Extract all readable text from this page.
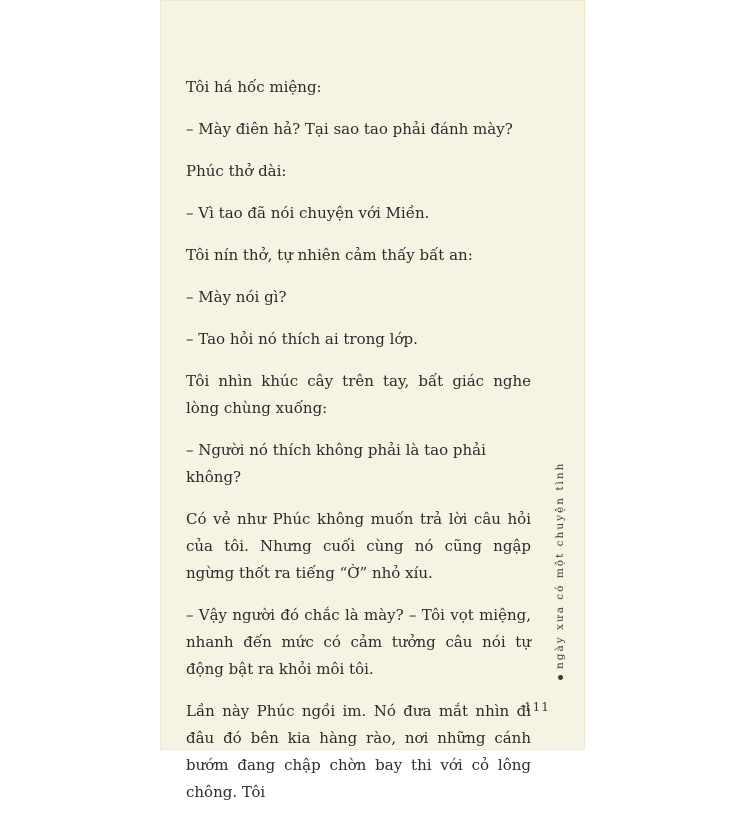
Tôi há hốc miệng:

– Mày điên hả? Tại sao tao phải đánh mày?

Phúc thở dài:

– Vì tao đã nói chuyện với Miền.

Tôi nín thở, tự nhiên cảm thấy bất an:

– Mày nói gì?

– Tao hỏi nó thích ai trong lớp.

Tôi nhìn khúc cây trên tay, bất giác nghe lòng chùng xuống:

– Người nó thích không phải là tao phải không?

Có vẻ như Phúc không muốn trả lời câu hỏi của tôi. Nhưng cuối cùng nó cũng ngập ngừng thốt ra tiếng “Ờ” nhỏ xíu.

– Vậy người đó chắc là mày? – Tôi vọt miệng, nhanh đến mức có cảm tưởng câu nói tự động bật ra khỏi môi tôi.

Lần này Phúc ngồi im. Nó đưa mắt nhìn đi đâu đó bên kia hàng rào, nơi những cánh bướm đang chập chờn bay thi với cỏ lông chông. Tôi

ngày xưa có một chuyện tình
111
